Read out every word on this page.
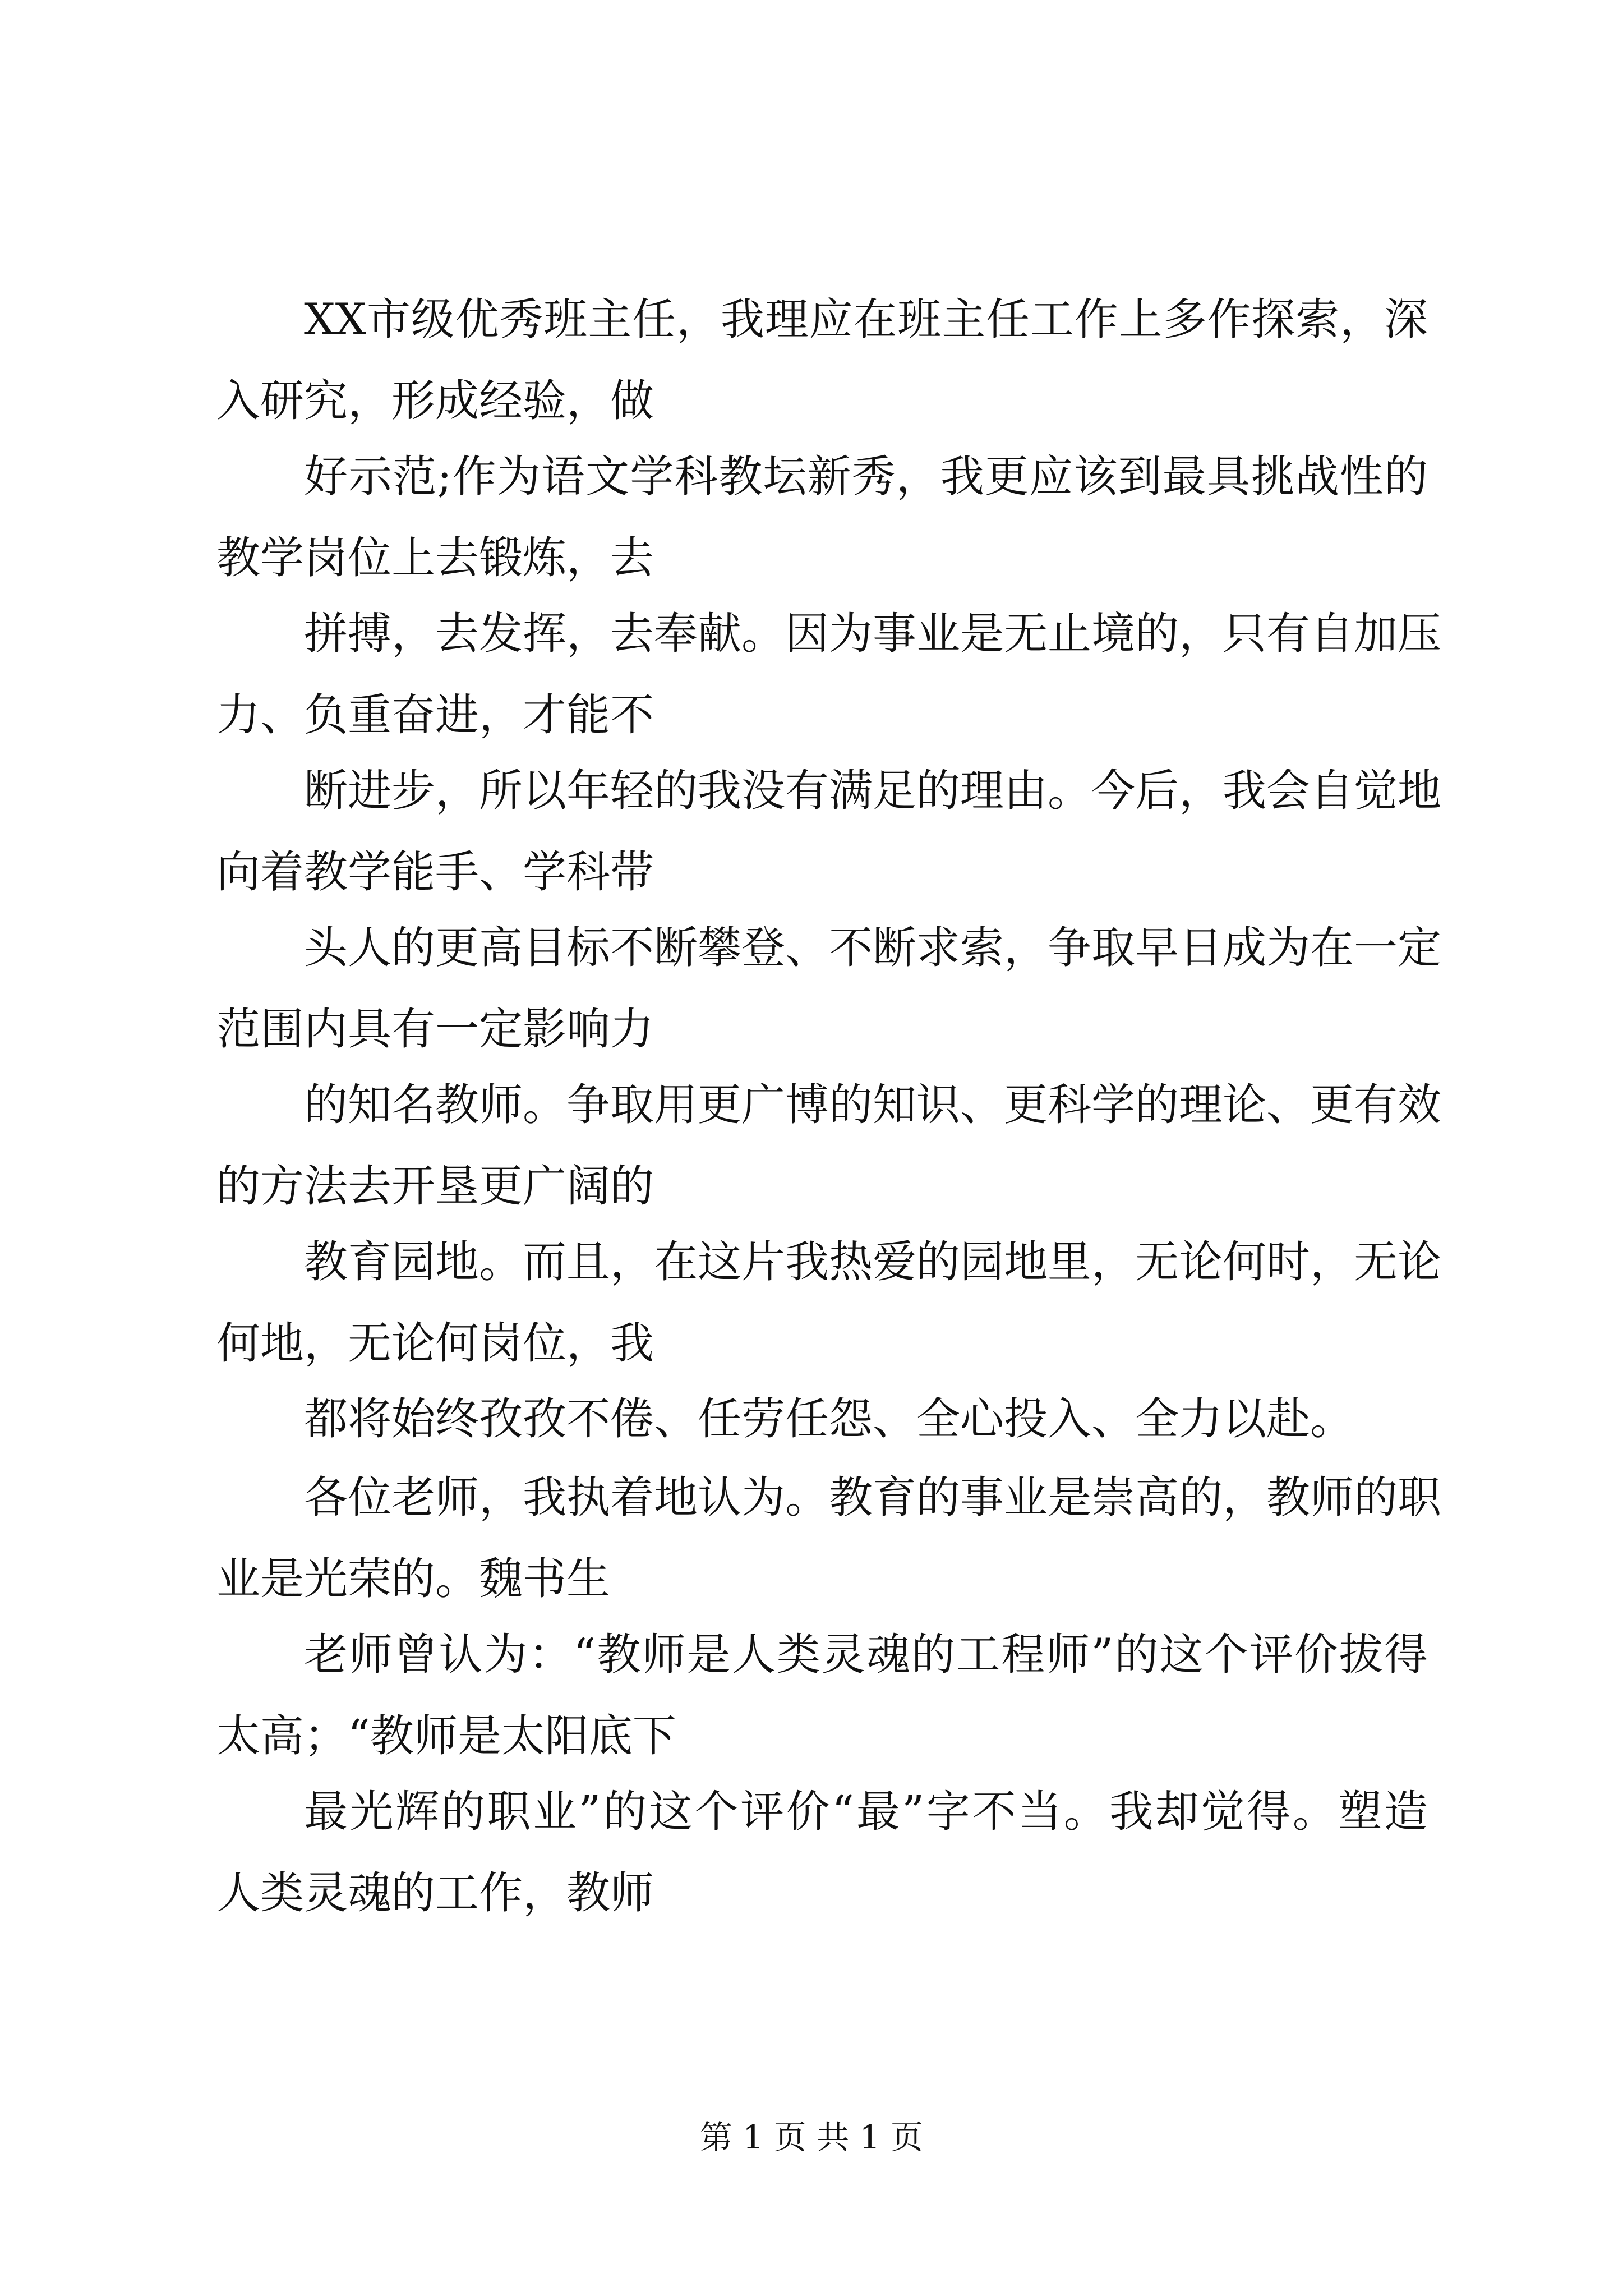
XX市级优秀班主任，我理应在班主任工作上多作探索，深
入研究，形成经验，做
好示范;作为语文学科教坛新秀，我更应该到最具挑战性的
教学岗位上去锻炼，去
拼搏，去发挥，去奉献。因为事业是无止境的，只有自加压
力、负重奋进，才能不
断进步，所以年轻的我没有满足的理由。今后，我会自觉地
向着教学能手、学科带
头人的更高目标不断攀登、不断求索，争取早日成为在一定
范围内具有一定影响力
的知名教师。争取用更广博的知识、更科学的理论、更有效
的方法去开垦更广阔的
教育园地。而且，在这片我热爱的园地里，无论何时，无论
何地，无论何岗位，我
都将始终孜孜不倦、任劳任怨、全心投入、全力以赴。
各位老师，我执着地认为。教育的事业是崇高的，教师的职
业是光荣的。魏书生
老师曾认为：“教师是人类灵魂的工程师”的这个评价拔得
太高；“教师是太阳底下
最光辉的职业”的这个评价“最”字不当。我却觉得。塑造
人类灵魂的工作，教师
第 1 页 共 1 页
